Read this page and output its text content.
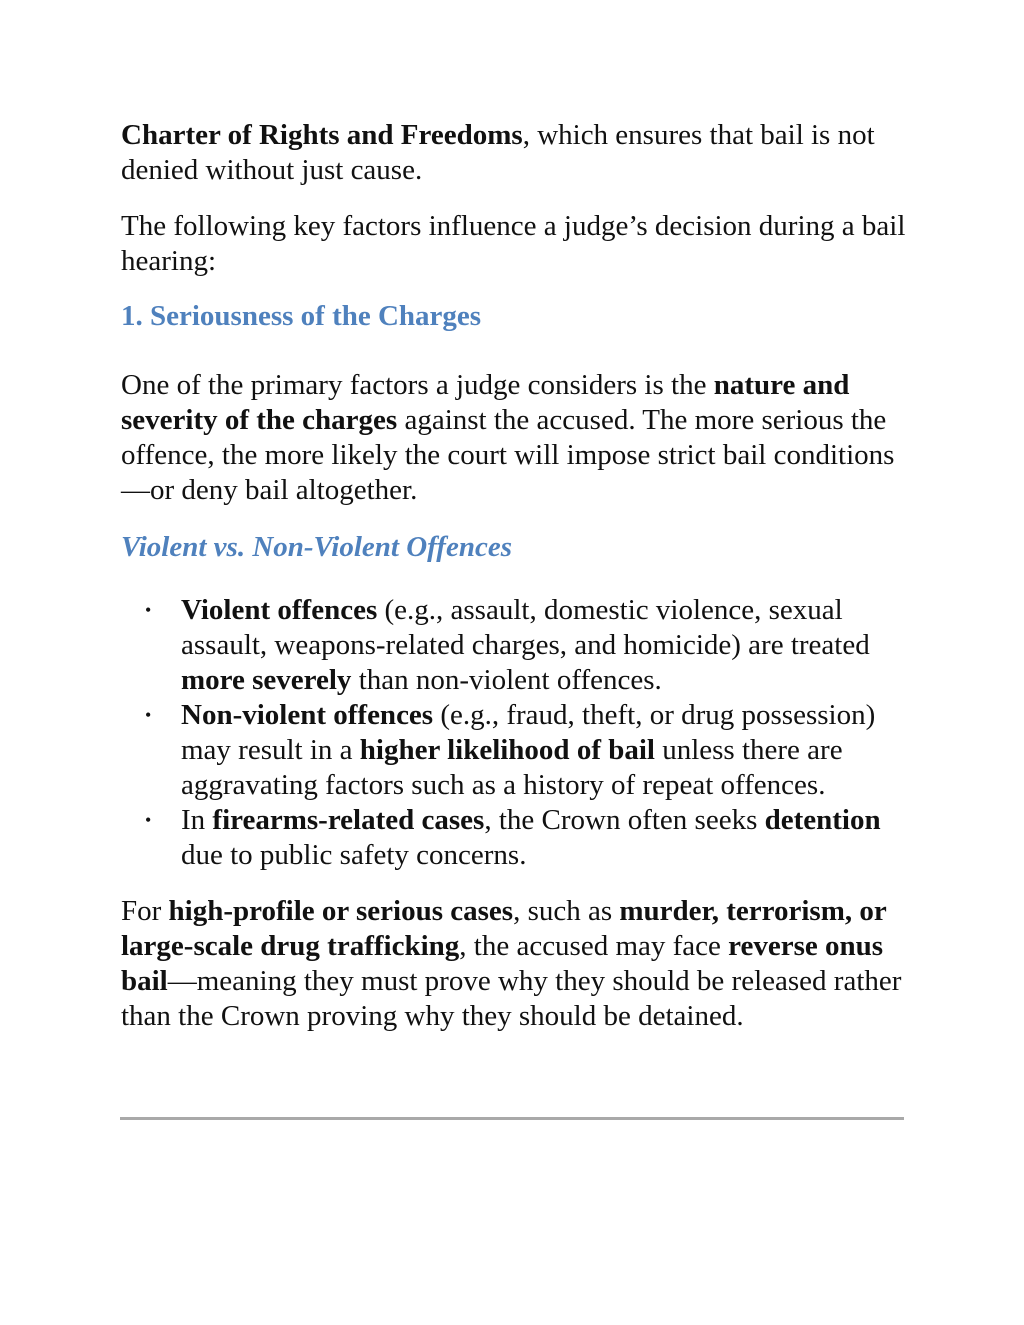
Charter of Rights and Freedoms, which ensures that bail is not denied without just cause.

The following key factors influence a judge’s decision during a bail hearing:

1. Seriousness of the Charges

One of the primary factors a judge considers is the nature and severity of the charges against the accused. The more serious the offence, the more likely the court will impose strict bail conditions—or deny bail altogether.

Violent vs. Non-Violent Offences
• Violent offences (e.g., assault, domestic violence, sexual assault, weapons-related charges, and homicide) are treated more severely than non-violent offences.
• Non-violent offences (e.g., fraud, theft, or drug possession) may result in a higher likelihood of bail unless there are aggravating factors such as a history of repeat offences.
• In firearms-related cases, the Crown often seeks detention due to public safety concerns.

For high-profile or serious cases, such as murder, terrorism, or large-scale drug trafficking, the accused may face reverse onus bail—meaning they must prove why they should be released rather than the Crown proving why they should be detained.
